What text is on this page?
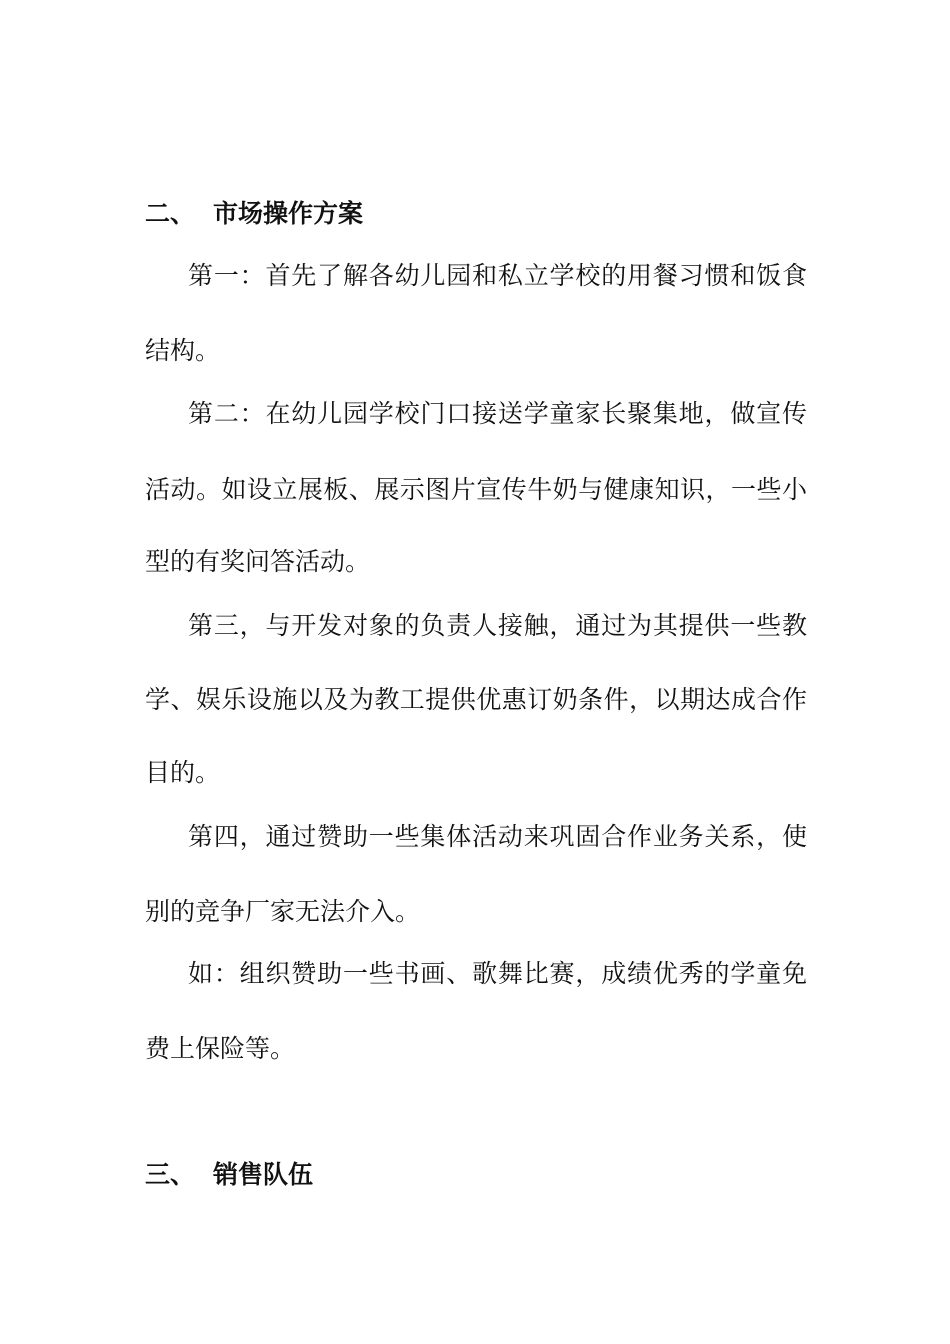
二、 市场操作方案
第一：首先了解各幼儿园和私立学校的用餐习惯和饭食
结构。
第二：在幼儿园学校门口接送学童家长聚集地，做宣传
活动。如设立展板、展示图片宣传牛奶与健康知识，一些小
型的有奖问答活动。
第三，与开发对象的负责人接触，通过为其提供一些教
学、娱乐设施以及为教工提供优惠订奶条件，以期达成合作
目的。
第四，通过赞助一些集体活动来巩固合作业务关系，使
别的竞争厂家无法介入。
如：组织赞助一些书画、歌舞比赛，成绩优秀的学童免
费上保险等。
三、 销售队伍
